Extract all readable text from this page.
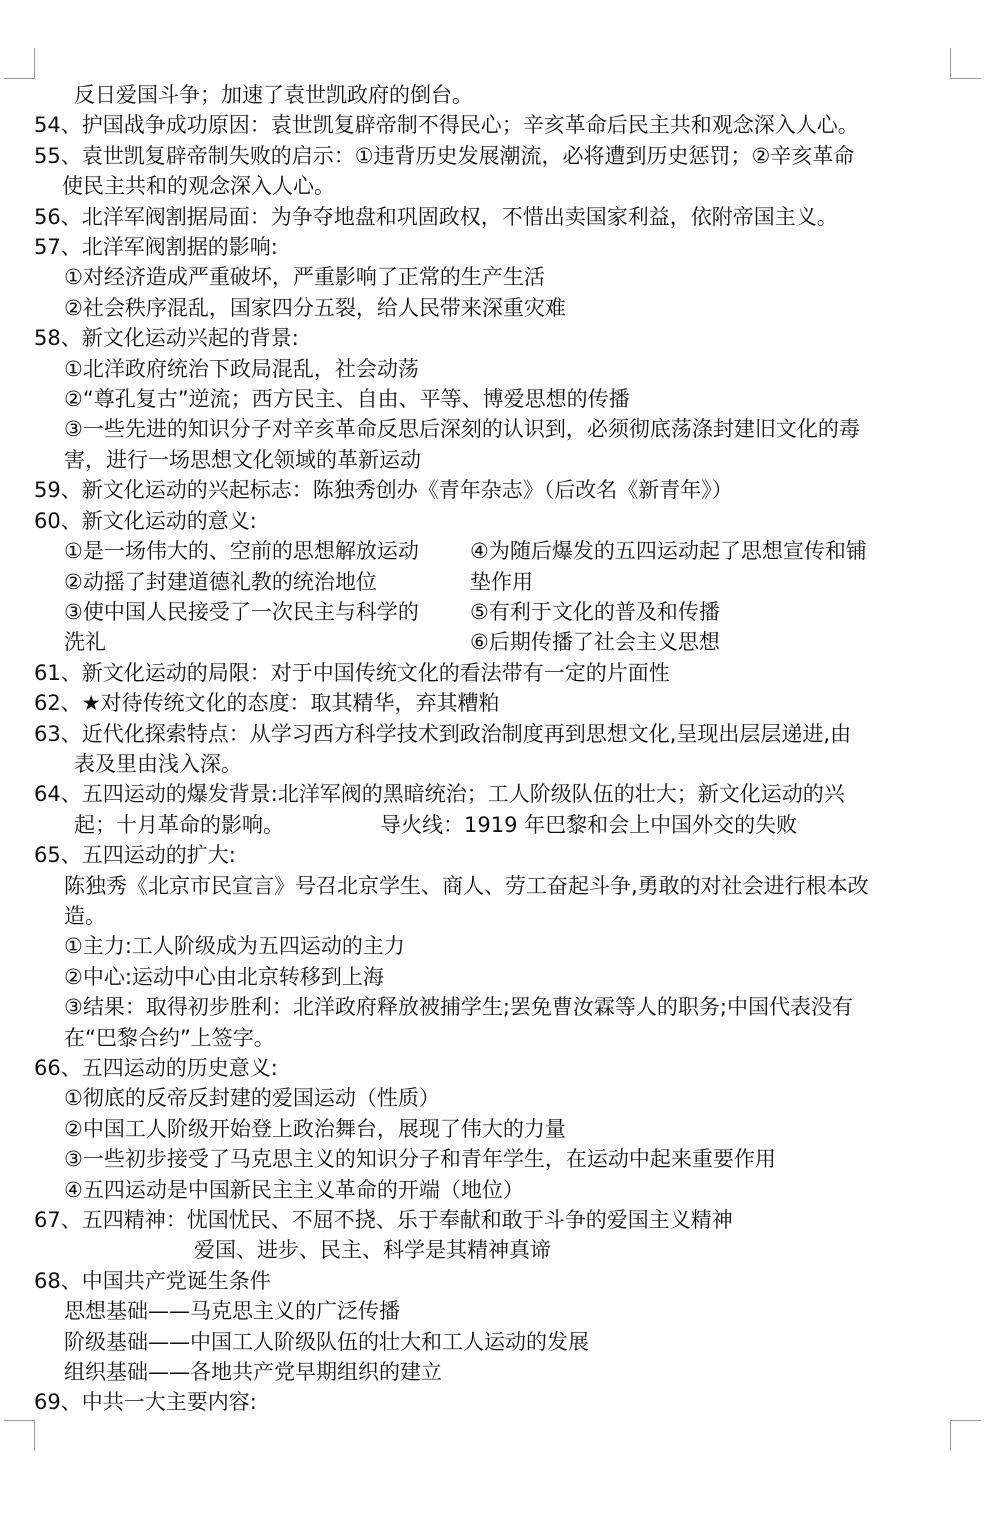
反日爱国斗争；加速了袁世凯政府的倒台。
54、护国战争成功原因：袁世凯复辟帝制不得民心；辛亥革命后民主共和观念深入人心。
55、袁世凯复辟帝制失败的启示：①违背历史发展潮流，必将遭到历史惩罚；②辛亥革命
使民主共和的观念深入人心。
56、北洋军阀割据局面：为争夺地盘和巩固政权，不惜出卖国家利益，依附帝国主义。
57、北洋军阀割据的影响:
①对经济造成严重破坏，严重影响了正常的生产生活
②社会秩序混乱，国家四分五裂，给人民带来深重灾难
58、新文化运动兴起的背景:
①北洋政府统治下政局混乱，社会动荡
②“尊孔复古”逆流；西方民主、自由、平等、博爱思想的传播
③一些先进的知识分子对辛亥革命反思后深刻的认识到，必须彻底荡涤封建旧文化的毒
害，进行一场思想文化领域的革新运动
59、新文化运动的兴起标志：陈独秀创办《青年杂志》（后改名《新青年》）
60、新文化运动的意义:
①是一场伟大的、空前的思想解放运动	④为随后爆发的五四运动起了思想宣传和铺
②动摇了封建道德礼教的统治地位	垫作用
③使中国人民接受了一次民主与科学的	⑤有利于文化的普及和传播
洗礼	⑥后期传播了社会主义思想
61、新文化运动的局限：对于中国传统文化的看法带有一定的片面性
62、★对待传统文化的态度：取其精华，弃其糟粕
63、近代化探索特点：从学习西方科学技术到政治制度再到思想文化,呈现出层层递进,由
表及里由浅入深。
64、五四运动的爆发背景:北洋军阀的黑暗统治；工人阶级队伍的壮大；新文化运动的兴
起；十月革命的影响。	导火线：1919 年巴黎和会上中国外交的失败
65、五四运动的扩大:
陈独秀《北京市民宣言》号召北京学生、商人、劳工奋起斗争,勇敢的对社会进行根本改
造。
①主力:工人阶级成为五四运动的主力
②中心:运动中心由北京转移到上海
③结果：取得初步胜利：北洋政府释放被捕学生;罢免曹汝霖等人的职务;中国代表没有
在“巴黎合约”上签字。
66、五四运动的历史意义:
①彻底的反帝反封建的爱国运动（性质）
②中国工人阶级开始登上政治舞台，展现了伟大的力量
③一些初步接受了马克思主义的知识分子和青年学生，在运动中起来重要作用
④五四运动是中国新民主主义革命的开端（地位）
67、五四精神：忧国忧民、不屈不挠、乐于奉献和敢于斗争的爱国主义精神
爱国、进步、民主、科学是其精神真谛
68、中国共产党诞生条件
思想基础——马克思主义的广泛传播
阶级基础——中国工人阶级队伍的壮大和工人运动的发展
组织基础——各地共产党早期组织的建立
69、中共一大主要内容:
